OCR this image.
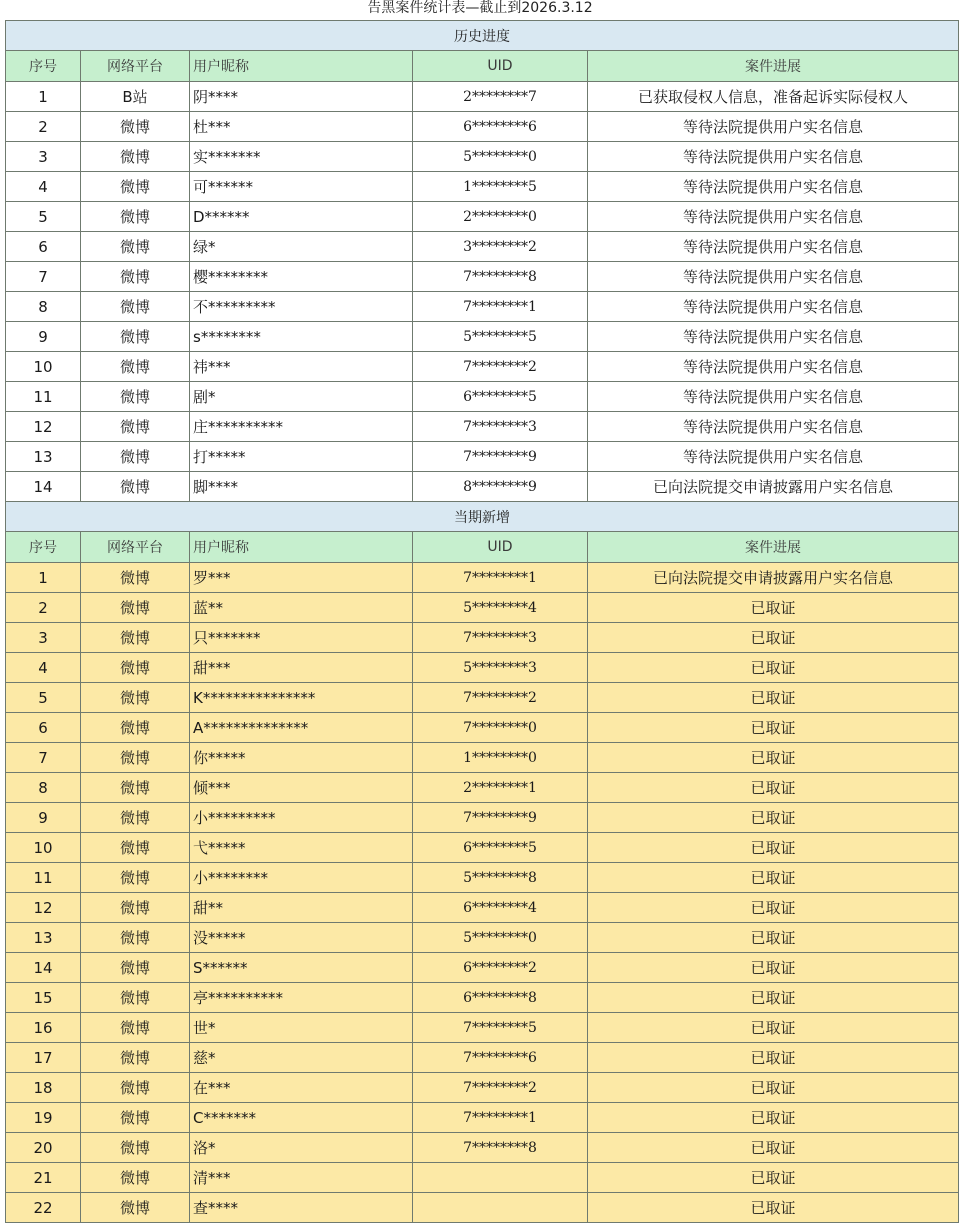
告黑案件统计表—截止到2026.3.12
历史进度				
序号	网络平台	用户昵称	UID	案件进展
1	B站	阴****	2********7	已获取侵权人信息，准备起诉实际侵权人
2	微博	杜***	6********6	等待法院提供用户实名信息
3	微博	实*******	5********0	等待法院提供用户实名信息
4	微博	可******	1********5	等待法院提供用户实名信息
5	微博	D******	2********0	等待法院提供用户实名信息
6	微博	绿*	3********2	等待法院提供用户实名信息
7	微博	樱********	7********8	等待法院提供用户实名信息
8	微博	不*********	7********1	等待法院提供用户实名信息
9	微博	s********	5********5	等待法院提供用户实名信息
10	微博	祎***	7********2	等待法院提供用户实名信息
11	微博	剧*	6********5	等待法院提供用户实名信息
12	微博	庄**********	7********3	等待法院提供用户实名信息
13	微博	打*****	7********9	等待法院提供用户实名信息
14	微博	脚****	8********9	已向法院提交申请披露用户实名信息
当期新增				
序号	网络平台	用户昵称	UID	案件进展
1	微博	罗***	7********1	已向法院提交申请披露用户实名信息
2	微博	蓝**	5********4	已取证
3	微博	只*******	7********3	已取证
4	微博	甜***	5********3	已取证
5	微博	K***************	7********2	已取证
6	微博	A**************	7********0	已取证
7	微博	你*****	1********0	已取证
8	微博	倾***	2********1	已取证
9	微博	小*********	7********9	已取证
10	微博	弋*****	6********5	已取证
11	微博	小********	5********8	已取证
12	微博	甜**	6********4	已取证
13	微博	没*****	5********0	已取证
14	微博	S******	6********2	已取证
15	微博	亭**********	6********8	已取证
16	微博	世*	7********5	已取证
17	微博	慈*	7********6	已取证
18	微博	在***	7********2	已取证
19	微博	C*******	7********1	已取证
20	微博	洛*	7********8	已取证
21	微博	清***		已取证
22	微博	查****		已取证
